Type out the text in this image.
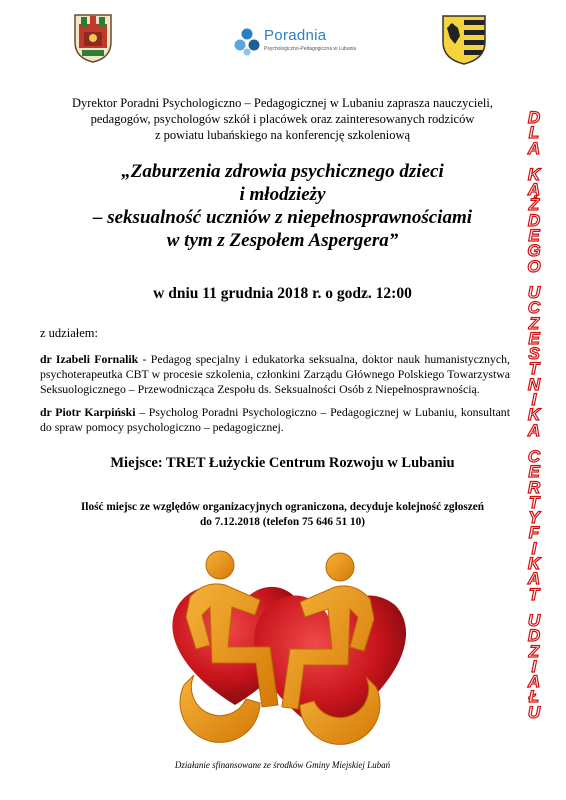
Poradnia
Psychologiczno-Pedagogiczna w Lubaniu
Dyrektor Poradni Psychologiczno – Pedagogicznej w Lubaniu zaprasza nauczycieli,
pedagogów, psychologów szkół i placówek oraz zainteresowanych rodziców
z powiatu lubańskiego na konferencję szkoleniową
„Zaburzenia zdrowia psychicznego dzieci
i młodzieży
– seksualność uczniów z niepełnosprawnościami
w tym z Zespołem Aspergera”
w dniu 11 grudnia 2018 r. o godz. 12:00
z udziałem:
dr Izabeli Fornalik - Pedagog specjalny i edukatorka seksualna, doktor nauk humanistycznych, psychoterapeutka CBT w procesie szkolenia, członkini Zarządu Głównego Polskiego Towarzystwa Seksuologicznego – Przewodnicząca Zespołu ds. Seksualności Osób z Niepełnosprawnością.
dr Piotr Karpiński – Psycholog Poradni Psychologiczno – Pedagogicznej w Lubaniu, konsultant do spraw pomocy psychologiczno – pedagogicznej.
Miejsce: TRET Łużyckie Centrum Rozwoju w Lubaniu
Ilość miejsc ze względów organizacyjnych ograniczona, decyduje kolejność zgłoszeń
do 7.12.2018 (telefon 75 646 51 10)
Działanie sfinansowane ze środków Gminy Miejskiej Lubań
D
L
A
K
A
Ż
D
E
G
O
U
C
Z
E
S
T
N
I
K
A
C
E
R
T
Y
F
I
K
A
T
U
D
Z
I
A
Ł
U
